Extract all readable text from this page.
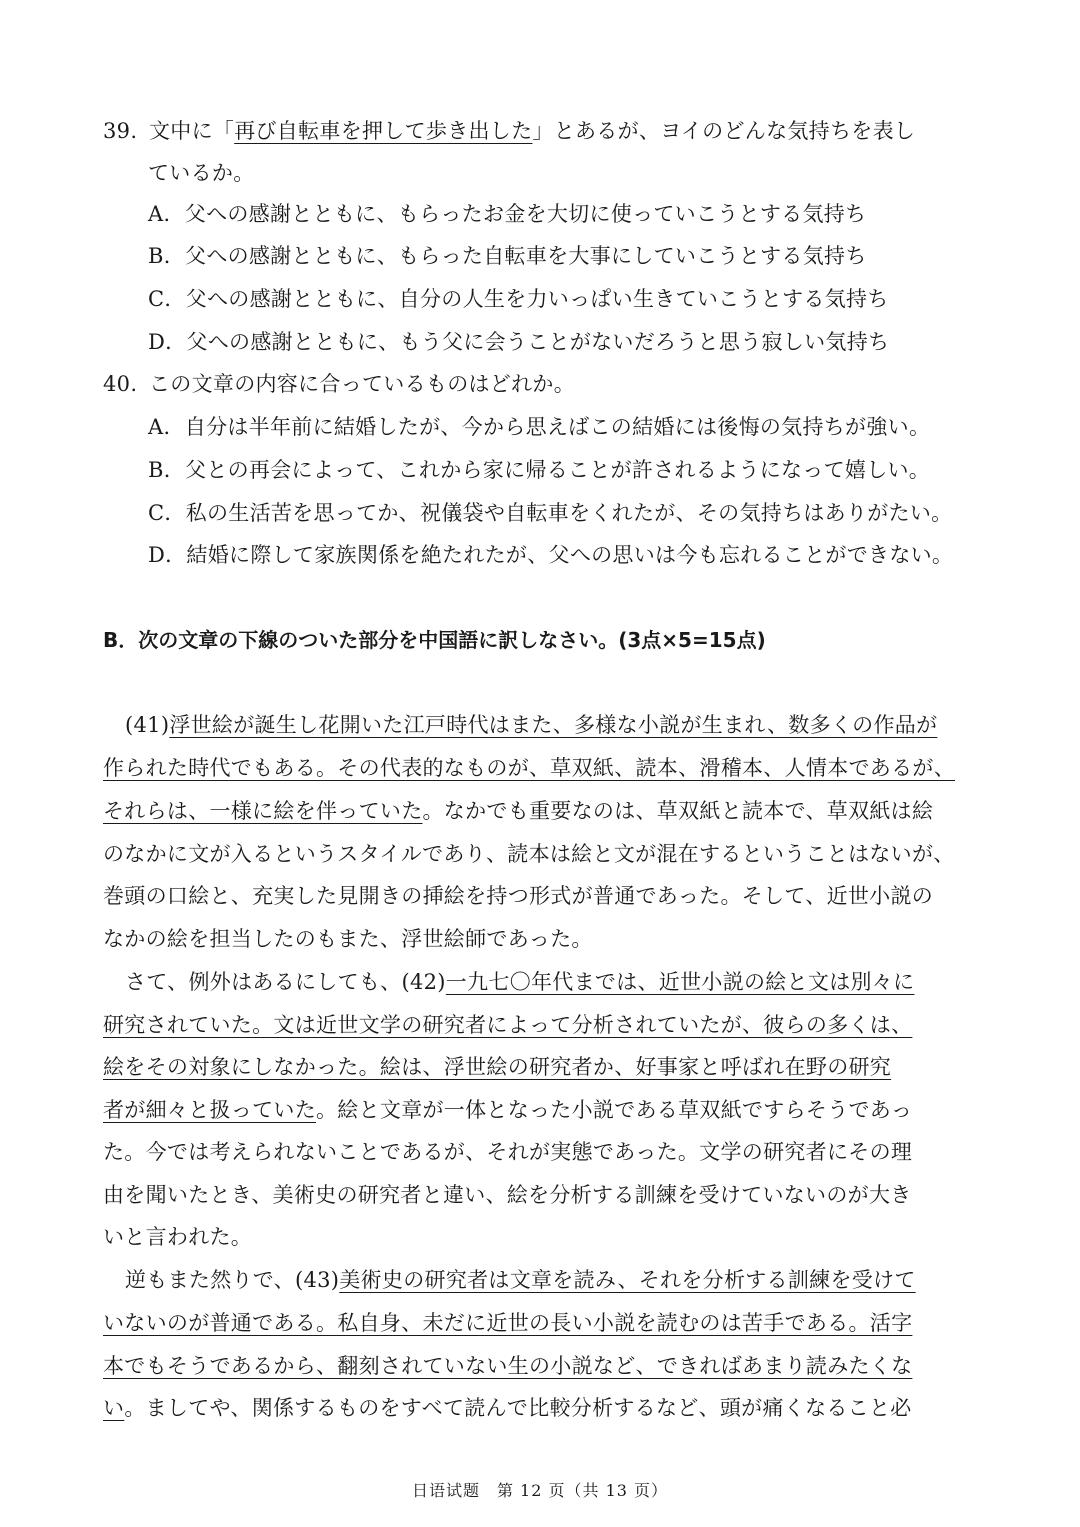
39. 文中に「再び自転車を押して歩き出した」とあるが、ヨイのどんな気持ちを表し
ているか。
A．父への感謝とともに、もらったお金を大切に使っていこうとする気持ち
B．父への感謝とともに、もらった自転車を大事にしていこうとする気持ち
C．父への感謝とともに、自分の人生を力いっぱい生きていこうとする気持ち
D．父への感謝とともに、もう父に会うことがないだろうと思う寂しい気持ち
40. この文章の内容に合っているものはどれか。
A．自分は半年前に結婚したが、今から思えばこの結婚には後悔の気持ちが強い。
B．父との再会によって、これから家に帰ることが許されるようになって嬉しい。
C．私の生活苦を思ってか、祝儀袋や自転車をくれたが、その気持ちはありがたい。
D．結婚に際して家族関係を絶たれたが、父への思いは今も忘れることができない。
B．次の文章の下線のついた部分を中国語に訳しなさい。(3点×5=15点)
(41)浮世絵が誕生し花開いた江戸時代はまた、多様な小説が生まれ、数多くの作品が
作られた時代でもある。その代表的なものが、草双紙、読本、滑稽本、人情本であるが、
それらは、一様に絵を伴っていた。なかでも重要なのは、草双紙と読本で、草双紙は絵
のなかに文が入るというスタイルであり、読本は絵と文が混在するということはないが、
巻頭の口絵と、充実した見開きの挿絵を持つ形式が普通であった。そして、近世小説の
なかの絵を担当したのもまた、浮世絵師であった。
さて、例外はあるにしても、(42)一九七〇年代までは、近世小説の絵と文は別々に
研究されていた。文は近世文学の研究者によって分析されていたが、彼らの多くは、
絵をその対象にしなかった。絵は、浮世絵の研究者か、好事家と呼ばれ在野の研究
者が細々と扱っていた。絵と文章が一体となった小説である草双紙ですらそうであっ
た。今では考えられないことであるが、それが実態であった。文学の研究者にその理
由を聞いたとき、美術史の研究者と違い、絵を分析する訓練を受けていないのが大き
いと言われた。
逆もまた然りで、(43)美術史の研究者は文章を読み、それを分析する訓練を受けて
いないのが普通である。私自身、未だに近世の長い小説を読むのは苦手である。活字
本でもそうであるから、翻刻されていない生の小説など、できればあまり読みたくな
い。ましてや、関係するものをすべて読んで比較分析するなど、頭が痛くなること必
日语试题　第 12 页（共 13 页）
